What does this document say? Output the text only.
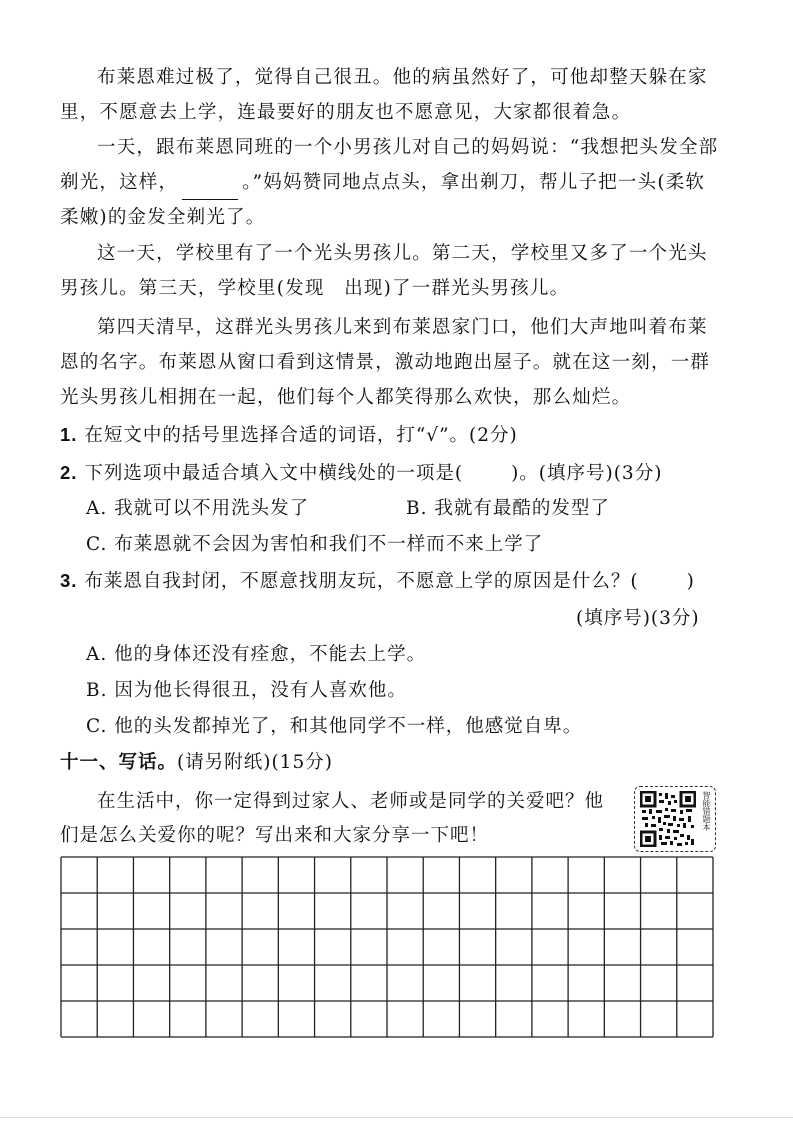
布莱恩难过极了，觉得自己很丑。他的病虽然好了，可他却整天躲在家里，不愿意去上学，连最要好的朋友也不愿意见，大家都很着急。

一天，跟布莱恩同班的一个小男孩儿对自己的妈妈说：“我想把头发全部剃光，这样，	。”妈妈赞同地点点头，拿出剃刀，帮儿子把一头(柔软　柔嫩)的金发全剃光了。

这一天，学校里有了一个光头男孩儿。第二天，学校里又多了一个光头男孩儿。第三天，学校里(发现　出现)了一群光头男孩儿。

第四天清早，这群光头男孩儿来到布莱恩家门口，他们大声地叫着布莱恩的名字。布莱恩从窗口看到这情景，激动地跑出屋子。就在这一刻，一群光头男孩儿相拥在一起，他们每个人都笑得那么欢快，那么灿烂。

1. 在短文中的括号里选择合适的词语，打“√”。(2分)

2. 下列选项中最适合填入文中横线处的一项是(	)。(填序号)(3分)

A. 我就可以不用洗头发了	B. 我就有最酷的发型了

C. 布莱恩就不会因为害怕和我们不一样而不来上学了

3. 布莱恩自我封闭，不愿意找朋友玩，不愿意上学的原因是什么？(	)

(填序号)(3分)

A. 他的身体还没有痊愈，不能去上学。

B. 因为他长得很丑，没有人喜欢他。

C. 他的头发都掉光了，和其他同学不一样，他感觉自卑。

十一、写话。(请另附纸)(15分)

在生活中，你一定得到过家人、老师或是同学的关爱吧？他

们是怎么关爱你的呢？写出来和大家分享一下吧！

智能错题本
